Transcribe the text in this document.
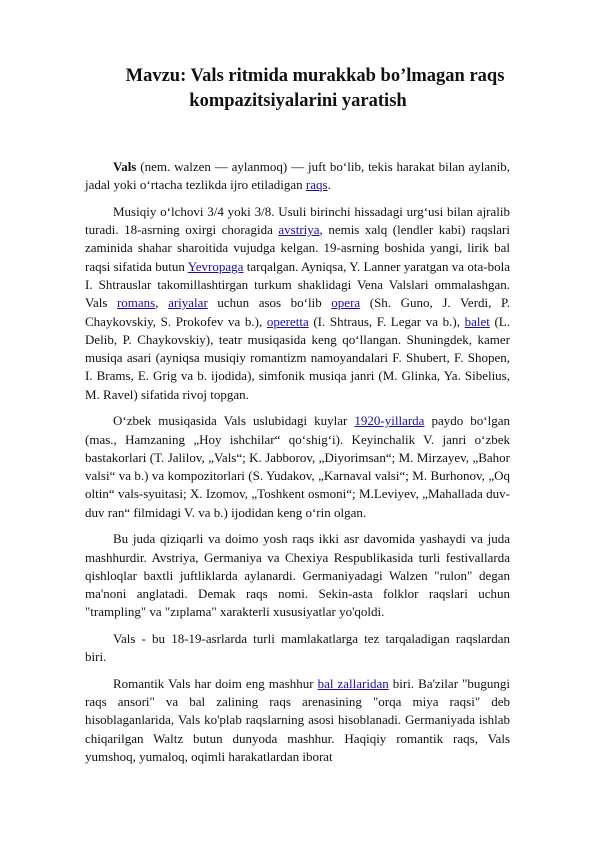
Mavzu: Vals ritmida murakkab bo’lmagan raqs
kompazitsiyalarini yaratish

Vals (nem. walzen — aylanmoq) — juft bo‘lib, tekis harakat bilan aylanib, jadal yoki o‘rtacha tezlikda ijro etiladigan raqs.

Musiqiy o‘lchovi 3/4 yoki 3/8. Usuli birinchi hissadagi urg‘usi bilan ajralib turadi. 18-asrning oxirgi choragida avstriya, nemis xalq (lendler kabi) raqslari zaminida shahar sharoitida vujudga kelgan. 19-asrning boshida yangi, lirik bal raqsi sifatida butun Yevropaga tarqalgan. Ayniqsa, Y. Lanner yaratgan va ota-bola I. Shtrauslar takomillashtirgan turkum shaklidagi Vena Valslari ommalashgan. Vals romans, ariyalar uchun asos bo‘lib opera (Sh. Guno, J. Verdi, P. Chaykovskiy, S. Prokofev va b.), operetta (I. Shtraus, F. Legar va b.), balet (L. Delib, P. Chaykovskiy), teatr musiqasida keng qo‘llangan. Shuningdek, kamer musiqa asari (ayniqsa musiqiy romantizm namoyandalari F. Shubert, F. Shopen, I. Brams, E. Grig va b. ijodida), simfonik musiqa janri (M. Glinka, Ya. Sibelius, M. Ravel) sifatida rivoj topgan.

O‘zbek musiqasida Vals uslubidagi kuylar 1920-yillarda paydo bo‘lgan (mas., Hamzaning „Hoy ishchilar“ qo‘shig‘i). Keyinchalik V. janri o‘zbek bastakorlari (T. Jalilov, „Vals“; K. Jabborov, „Diyorimsan“; M. Mirzayev, „Bahor valsi“ va b.) va kompozitorlari (S. Yudakov, „Karnaval valsi“; M. Burhonov, „Oq oltin“ vals-syuitasi; X. Izomov, „Toshkent osmoni“; M.Leviyev, „Mahallada duv-duv ran“ filmidagi V. va b.) ijodidan keng o‘rin olgan.

Bu juda qiziqarli va doimo yosh raqs ikki asr davomida yashaydi va juda mashhurdir. Avstriya, Germaniya va Chexiya Respublikasida turli festivallarda qishloqlar baxtli juftliklarda aylanardi. Germaniyadagi Walzen "rulon" degan ma'noni anglatadi. Demak raqs nomi. Sekin-asta folklor raqslari uchun "trampling" va "zıplama" xarakterli xususiyatlar yo'qoldi.

Vals - bu 18-19-asrlarda turli mamlakatlarga tez tarqaladigan raqslardan biri.

Romantik Vals har doim eng mashhur bal zallaridan biri. Ba'zilar "bugungi raqs ansori" va bal zalining raqs arenasining "orqa miya raqsi" deb hisoblaganlarida, Vals ko'plab raqslarning asosi hisoblanadi. Germaniyada ishlab chiqarilgan Waltz butun dunyoda mashhur. Haqiqiy romantik raqs, Vals yumshoq, yumaloq, oqimli harakatlardan iborat
